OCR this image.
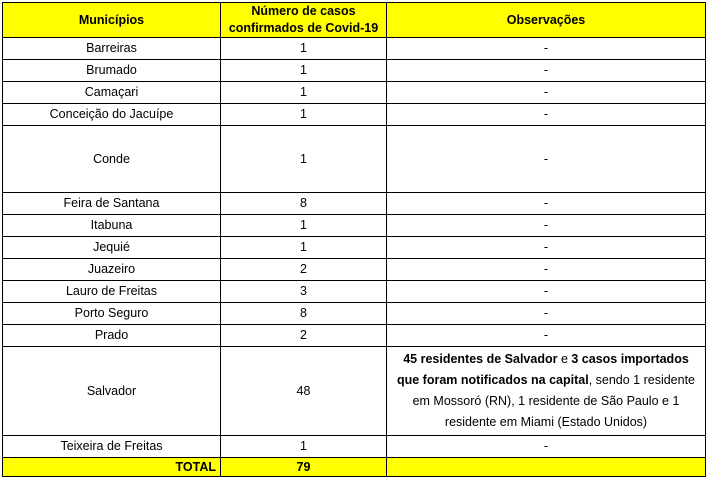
Municípios	Número de casos confirmados de Covid-19	Observações
Barreiras	1	-
Brumado	1	-
Camaçari	1	-
Conceição do Jacuípe	1	-
Conde	1	-
Feira de Santana	8	-
Itabuna	1	-
Jequié	1	-
Juazeiro	2	-
Lauro de Freitas	3	-
Porto Seguro	8	-
Prado	2	-
Salvador	48	45 residentes de Salvador e 3 casos importados que foram notificados na capital, sendo 1 residente em Mossoró (RN), 1 residente de São Paulo e 1 residente em Miami (Estado Unidos)
Teixeira de Freitas	1	-
TOTAL	79	
